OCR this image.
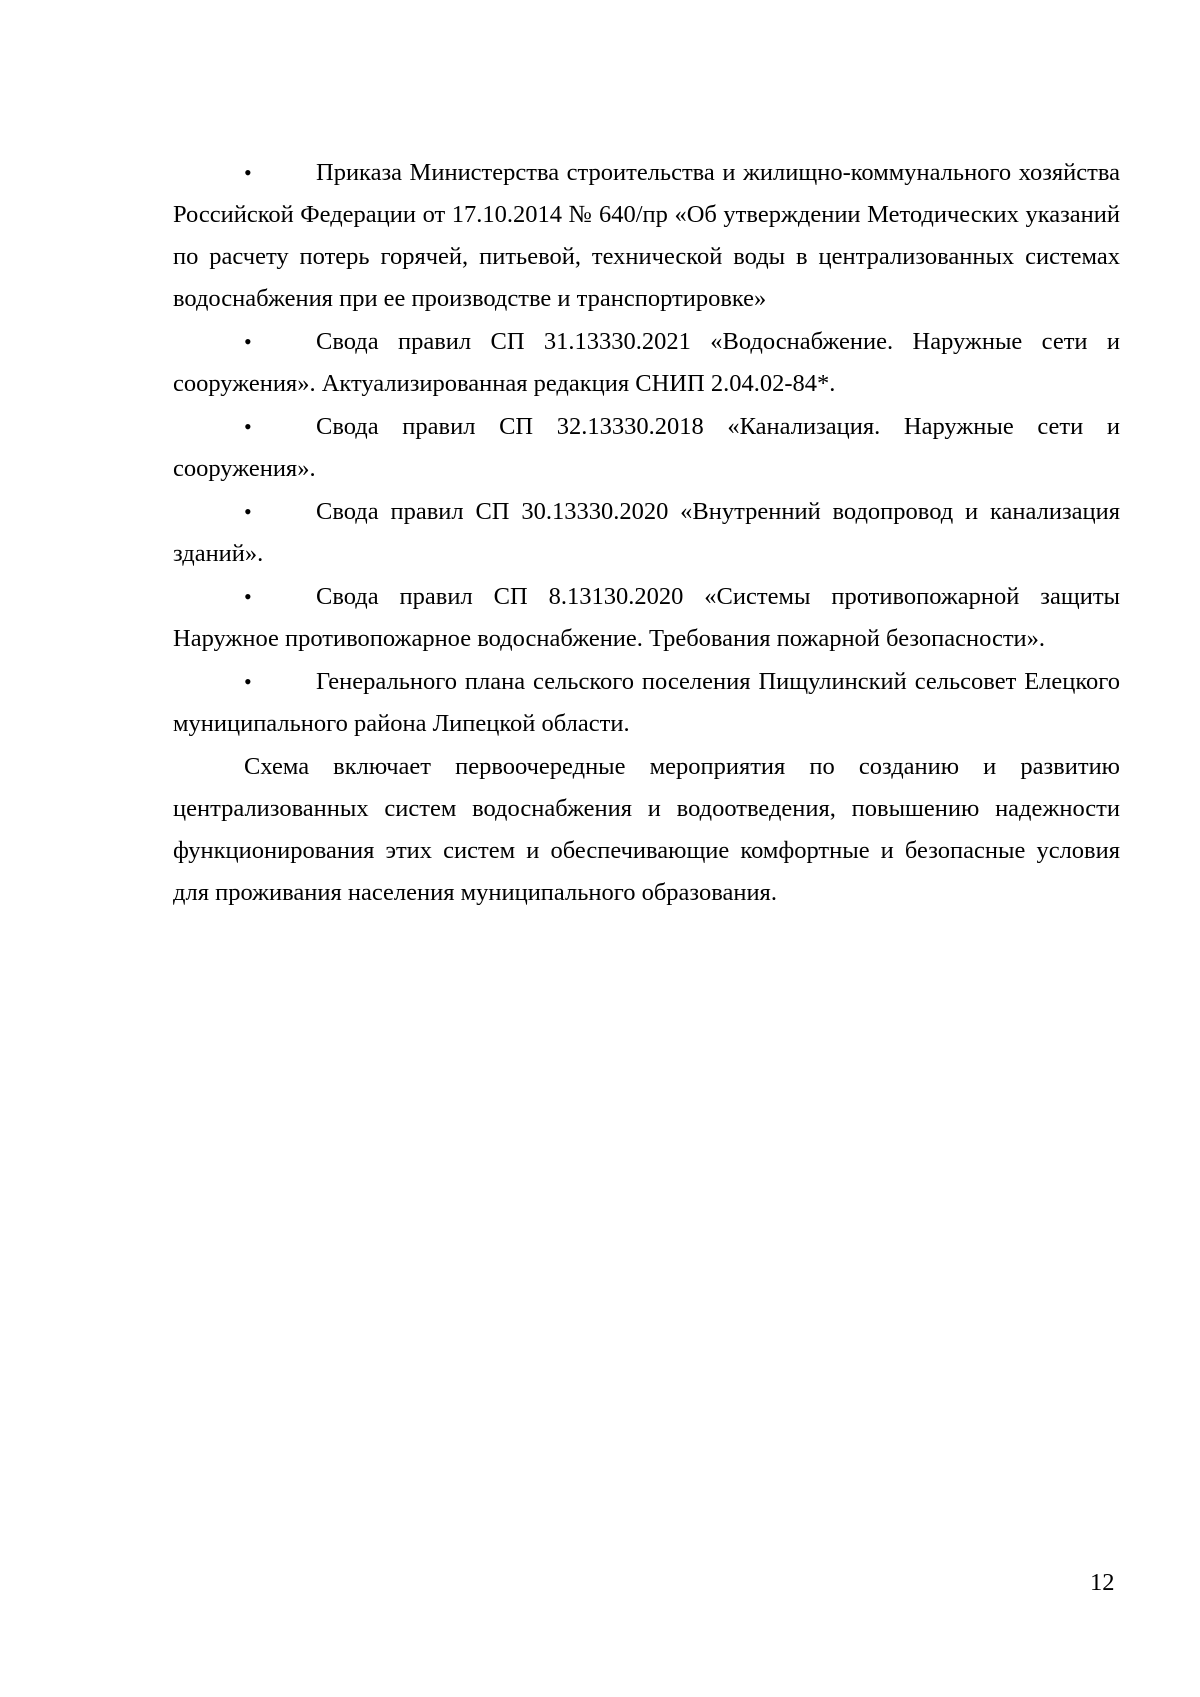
•	Приказа Министерства строительства и жилищно-коммунального хозяйства Российской Федерации от 17.10.2014 № 640/пр «Об утверждении Методических указаний по расчету потерь горячей, питьевой, технической воды в централизованных системах водоснабжения при ее производстве и транспортировке»
•	Свода правил СП 31.13330.2021 «Водоснабжение. Наружные сети и сооружения». Актуализированная редакция СНИП 2.04.02-84*.
•	Свода правил СП 32.13330.2018 «Канализация. Наружные сети и сооружения».
•	Свода правил СП 30.13330.2020 «Внутренний водопровод и канализация зданий».
•	Свода правил СП 8.13130.2020 «Системы противопожарной защиты Наружное противопожарное водоснабжение. Требования пожарной безопасности».
•	Генерального плана сельского поселения Пищулинский сельсовет Елецкого муниципального района Липецкой области.

Схема включает первоочередные мероприятия по созданию и развитию централизованных систем водоснабжения и водоотведения, повышению надежности функционирования этих систем и обеспечивающие комфортные и безопасные условия для проживания населения муниципального образования.

12
